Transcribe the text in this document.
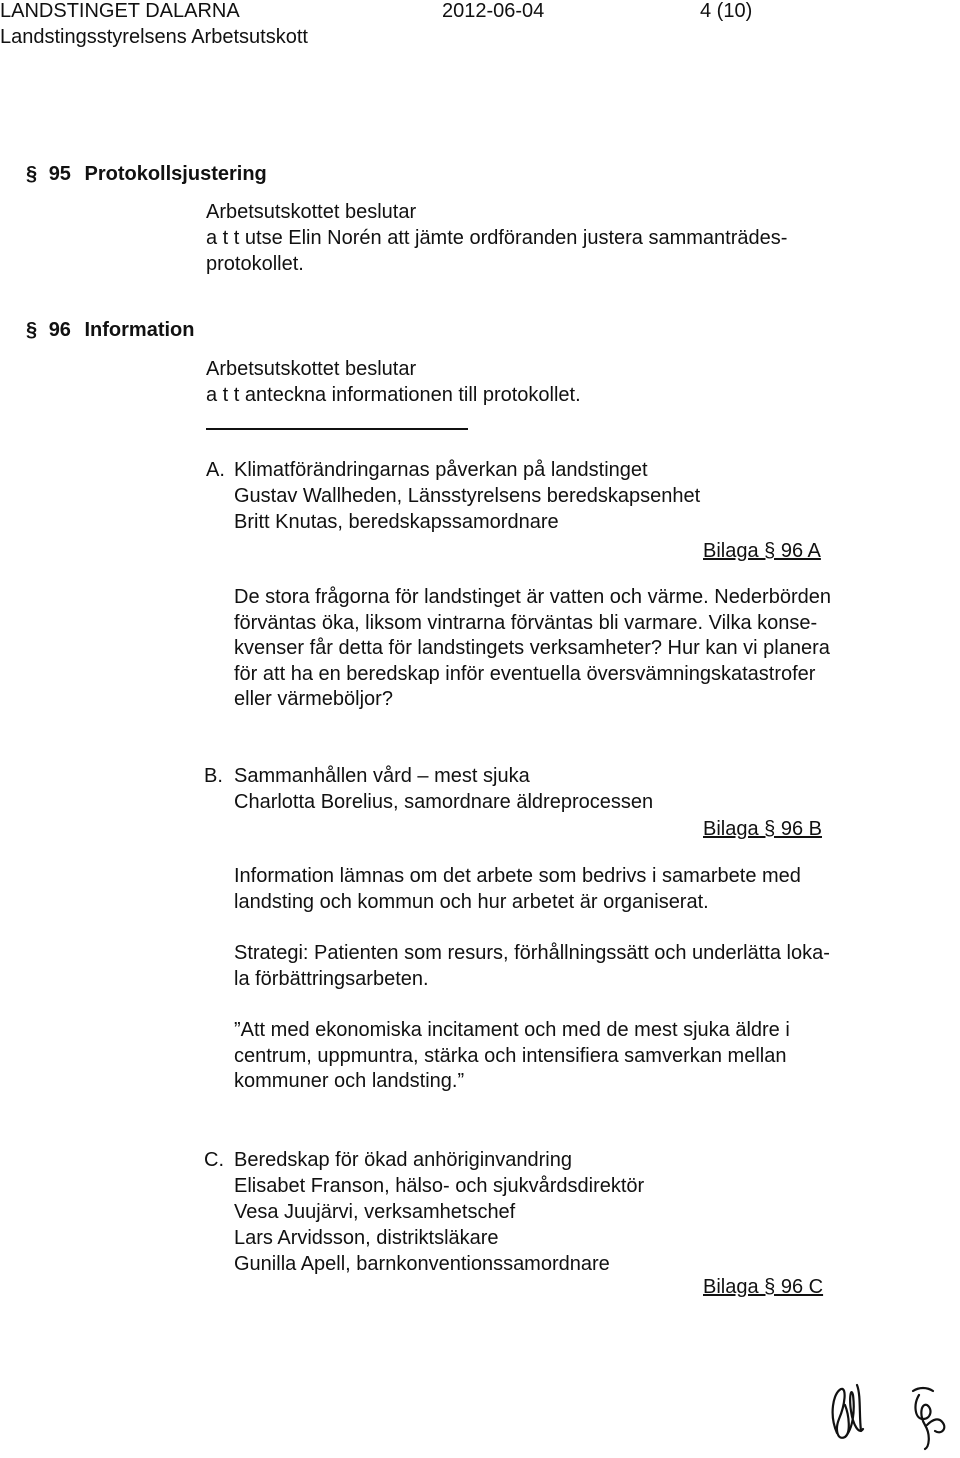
LANDSTINGET DALARNA	2012-06-04	4 (10)
Landstingsstyrelsens Arbetsutskott
§ 95 Protokollsjustering
Arbetsutskottet beslutar
a t t utse Elin Norén att jämte ordföranden justera sammanträdes-
protokollet.
§ 96 Information
Arbetsutskottet beslutar
a t t anteckna informationen till protokollet.
A. Klimatförändringarnas påverkan på landstinget
Gustav Wallheden, Länsstyrelsens beredskapsenhet
Britt Knutas, beredskapssamordnare
Bilaga § 96 A
De stora frågorna för landstinget är vatten och värme. Nederbörden
förväntas öka, liksom vintrarna förväntas bli varmare. Vilka konse-
kvenser får detta för landstingets verksamheter? Hur kan vi planera
för att ha en beredskap inför eventuella översvämningskatastrofer
eller värmeböljor?
B. Sammanhållen vård – mest sjuka
Charlotta Borelius, samordnare äldreprocessen
Bilaga § 96 B
Information lämnas om det arbete som bedrivs i samarbete med
landsting och kommun och hur arbetet är organiserat.
Strategi: Patienten som resurs, förhållningssätt och underlätta loka-
la förbättringsarbeten.
”Att med ekonomiska incitament och med de mest sjuka äldre i
centrum, uppmuntra, stärka och intensifiera samverkan mellan
kommuner och landsting.”
C. Beredskap för ökad anhöriginvandring
Elisabet Franson, hälso- och sjukvårdsdirektör
Vesa Juujärvi, verksamhetschef
Lars Arvidsson, distriktsläkare
Gunilla Apell, barnkonventionssamordnare
Bilaga § 96 C
